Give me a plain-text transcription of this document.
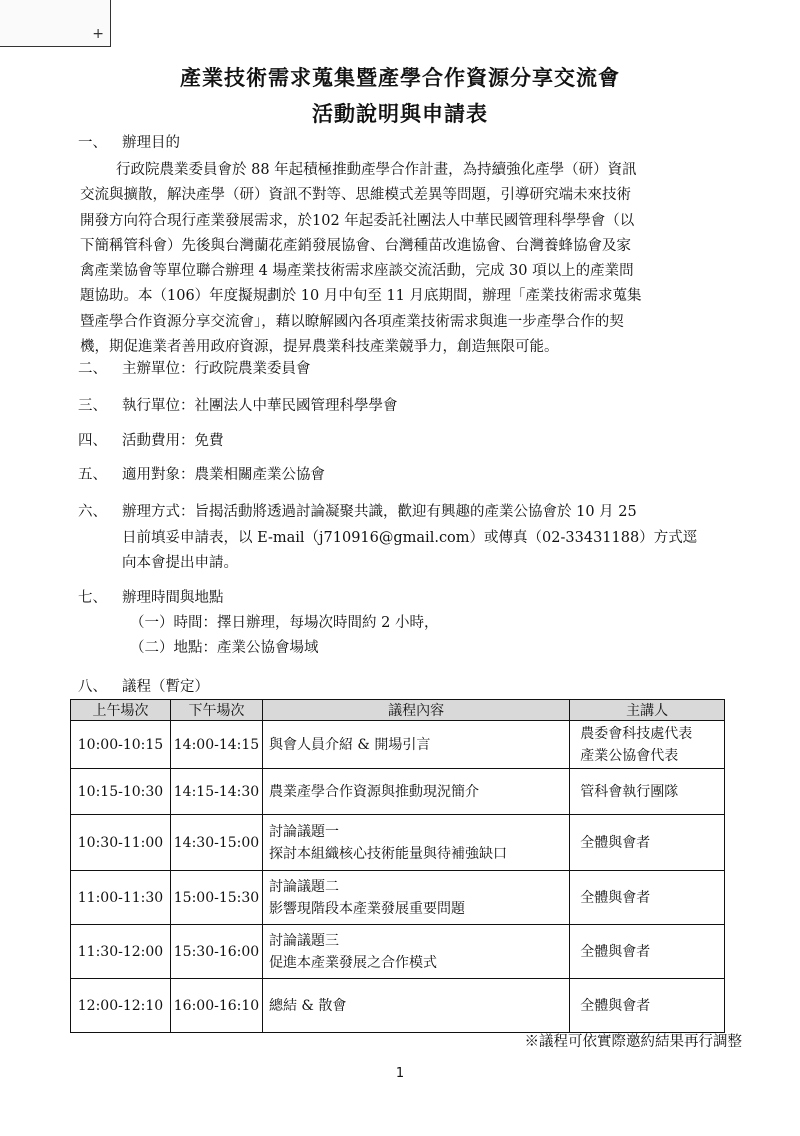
+
產業技術需求蒐集暨產學合作資源分享交流會
活動說明與申請表
一、 辦理目的
行政院農業委員會於 88 年起積極推動產學合作計畫，為持續強化產學（研）資訊
交流與擴散，解決產學（研）資訊不對等、思維模式差異等問題，引導研究端未來技術
開發方向符合現行產業發展需求，於102 年起委託社團法人中華民國管理科學學會（以
下簡稱管科會）先後與台灣蘭花產銷發展協會、台灣種苗改進協會、台灣養蜂協會及家
禽產業協會等單位聯合辦理 4 場產業技術需求座談交流活動，完成 30 項以上的產業問
題協助。本（106）年度擬規劃於 10 月中旬至 11 月底期間，辦理「產業技術需求蒐集
暨產學合作資源分享交流會」，藉以瞭解國內各項產業技術需求與進一步產學合作的契
機，期促進業者善用政府資源，提昇農業科技產業競爭力，創造無限可能。
二、 主辦單位：行政院農業委員會
三、 執行單位：社團法人中華民國管理科學學會
四、 活動費用：免費
五、 適用對象：農業相關產業公協會
六、 辦理方式：旨揭活動將透過討論凝聚共識，歡迎有興趣的產業公協會於 10 月 25
日前填妥申請表，以 E-mail（j710916@gmail.com）或傳真（02-33431188）方式逕
向本會提出申請。
七、 辦理時間與地點
（一）時間：擇日辦理，每場次時間約 2 小時，
（二）地點：產業公協會場域
八、 議程（暫定）
上午場次	下午場次	議程內容	主講人
10:00-10:15	14:00-14:15	與會人員介紹 & 開場引言	農委會科技處代表
產業公協會代表

10:15-10:30	14:15-14:30	農業產學合作資源與推動現況簡介	管科會執行團隊

10:30-11:00	14:30-15:00	討論議題一
探討本組織核心技術能量與待補強缺口	全體與會者

11:00-11:30	15:00-15:30	討論議題二
影響現階段本產業發展重要問題	全體與會者

11:30-12:00	15:30-16:00	討論議題三
促進本產業發展之合作模式	全體與會者

12:00-12:10	16:00-16:10	總結 & 散會	全體與會者
※議程可依實際邀約結果再行調整
1
